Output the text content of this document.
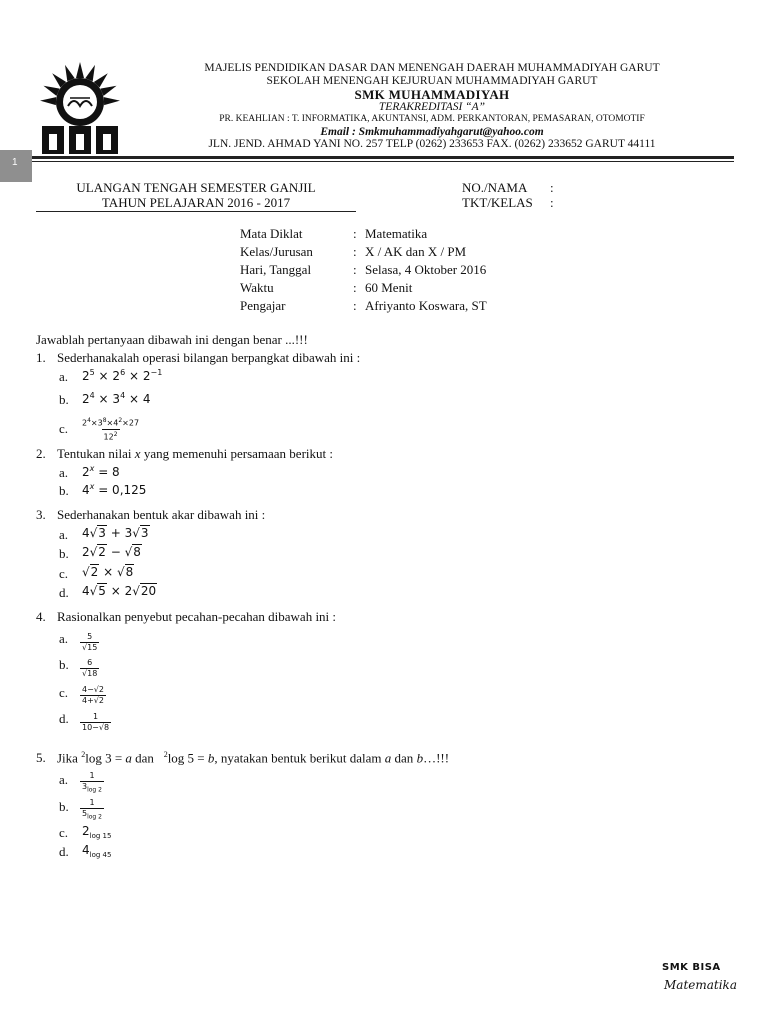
1
MAJELIS PENDIDIKAN DASAR DAN MENENGAH DAERAH MUHAMMADIYAH GARUT
SEKOLAH MENENGAH KEJURUAN MUHAMMADIYAH GARUT
SMK MUHAMMADIYAH
TERAKREDITASI “A”
PR. KEAHLIAN : T. INFORMATIKA, AKUNTANSI, ADM. PERKANTORAN, PEMASARAN, OTOMOTIF
Email : Smkmuhammadiyahgarut@yahoo.com
JLN. JEND. AHMAD YANI NO. 257 TELP (0262) 233653 FAX. (0262) 233652 GARUT 44111
ULANGAN TENGAH SEMESTER GANJIL
TAHUN PELAJARAN 2016 - 2017
NO./NAMA :
TKT/KELAS :
Mata Diklat	: Matematika
Kelas/Jurusan	: X / AK dan X / PM
Hari, Tanggal	: Selasa, 4 Oktober 2016
Waktu	: 60 Menit
Pengajar	: Afriyanto Koswara, ST
Jawablah pertanyaan dibawah ini dengan benar ...!!!
1. Sederhanakalah operasi bilangan berpangkat dibawah ini :
a. $2^5 \times 2^6 \times 2^{-1}$
b. $2^4 \times 3^4 \times 4$
c. $\frac{2^4\times 3^8\times 4^2\times 27}{12^2}$
2. Tentukan nilai x yang memenuhi persamaan berikut :
a. $2^x = 8$
b. $4^x = 0,125$
3. Sederhanakan bentuk akar dibawah ini :
a. 4√3 + 3√3
b. 2√2 − √8
c. √2 × √8
d. 4√5 × 2√20
4. Rasionalkan penyebut pecahan-pecahan dibawah ini :
a. $\frac{5}{√15}$
b. $\frac{6}{√18}$
c. $\frac{4-√2}{4+√2}$
d. $\frac{1}{10-√8}$
5. Jika $^2$log 3 = a dan   $^2$log 5 = b, nyatakan bentuk berikut dalam a dan b…!!!
a. $\frac{1}{3_{log 2}}$
b. $\frac{1}{5_{log 2}}$
c. $2_{log 15}$
d. $4_{log 45}$
SMK BISA
Matematika
